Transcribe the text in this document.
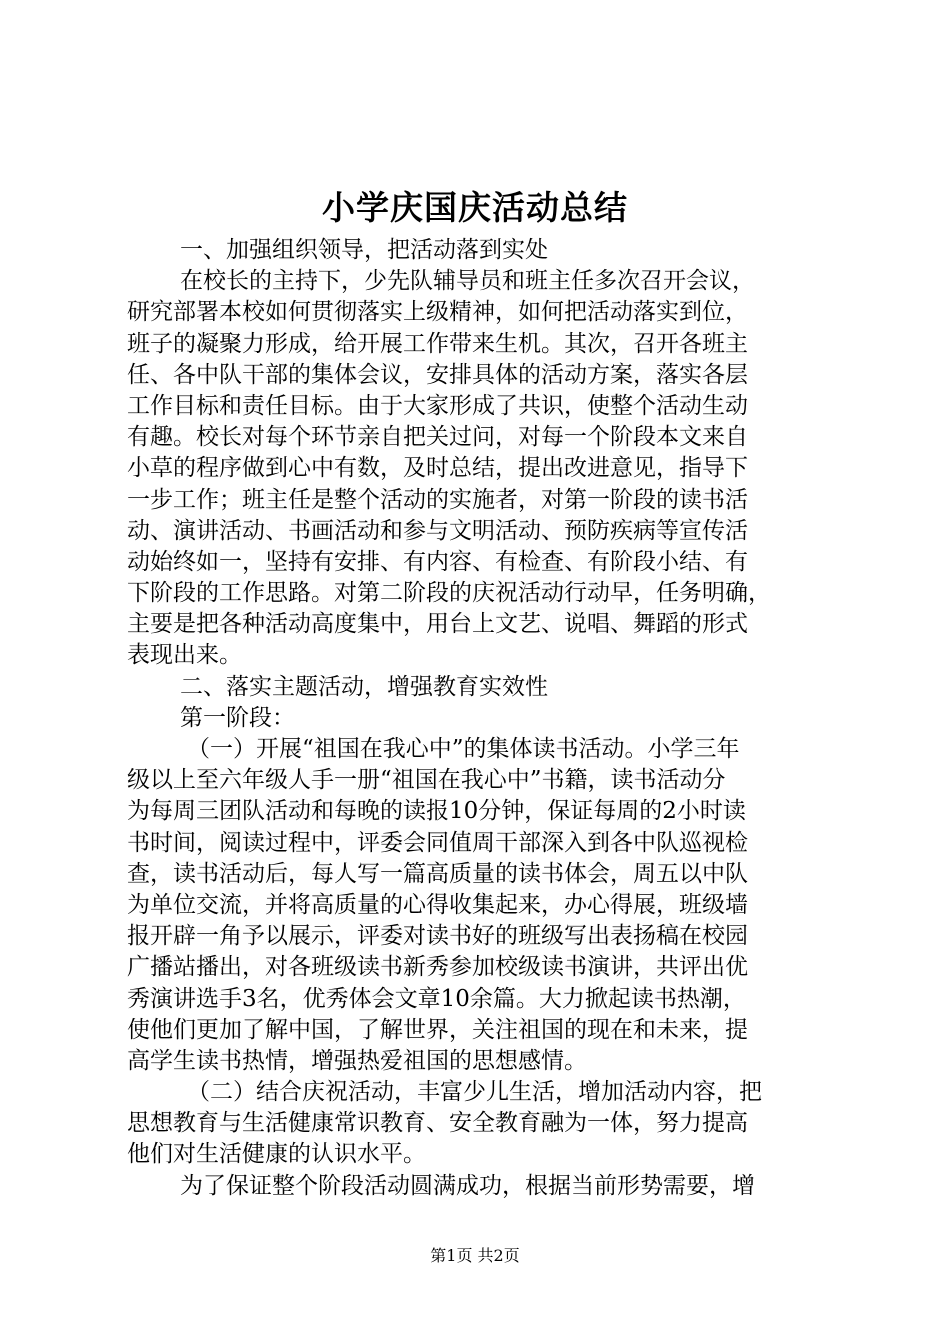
小学庆国庆活动总结
一、加强组织领导，把活动落到实处
在校长的主持下，少先队辅导员和班主任多次召开会议，
研究部署本校如何贯彻落实上级精神，如何把活动落实到位，
班子的凝聚力形成，给开展工作带来生机。其次，召开各班主
任、各中队干部的集体会议，安排具体的活动方案，落实各层
工作目标和责任目标。由于大家形成了共识，使整个活动生动
有趣。校长对每个环节亲自把关过问，对每一个阶段本文来自
小草的程序做到心中有数，及时总结，提出改进意见，指导下
一步工作；班主任是整个活动的实施者，对第一阶段的读书活
动、演讲活动、书画活动和参与文明活动、预防疾病等宣传活
动始终如一，坚持有安排、有内容、有检查、有阶段小结、有
下阶段的工作思路。对第二阶段的庆祝活动行动早，任务明确，
主要是把各种活动高度集中，用台上文艺、说唱、舞蹈的形式
表现出来。
二、落实主题活动，增强教育实效性
第一阶段：
（一）开展“祖国在我心中”的集体读书活动。小学三年
级以上至六年级人手一册“祖国在我心中”书籍，读书活动分
为每周三团队活动和每晚的读报10分钟，保证每周的2小时读
书时间，阅读过程中，评委会同值周干部深入到各中队巡视检
查，读书活动后，每人写一篇高质量的读书体会，周五以中队
为单位交流，并将高质量的心得收集起来，办心得展，班级墙
报开辟一角予以展示，评委对读书好的班级写出表扬稿在校园
广播站播出，对各班级读书新秀参加校级读书演讲，共评出优
秀演讲选手3名，优秀体会文章10余篇。大力掀起读书热潮，
使他们更加了解中国，了解世界，关注祖国的现在和未来，提
高学生读书热情，增强热爱祖国的思想感情。
（二）结合庆祝活动，丰富少儿生活，增加活动内容，把
思想教育与生活健康常识教育、安全教育融为一体，努力提高
他们对生活健康的认识水平。
为了保证整个阶段活动圆满成功，根据当前形势需要，增
第1页 共2页
